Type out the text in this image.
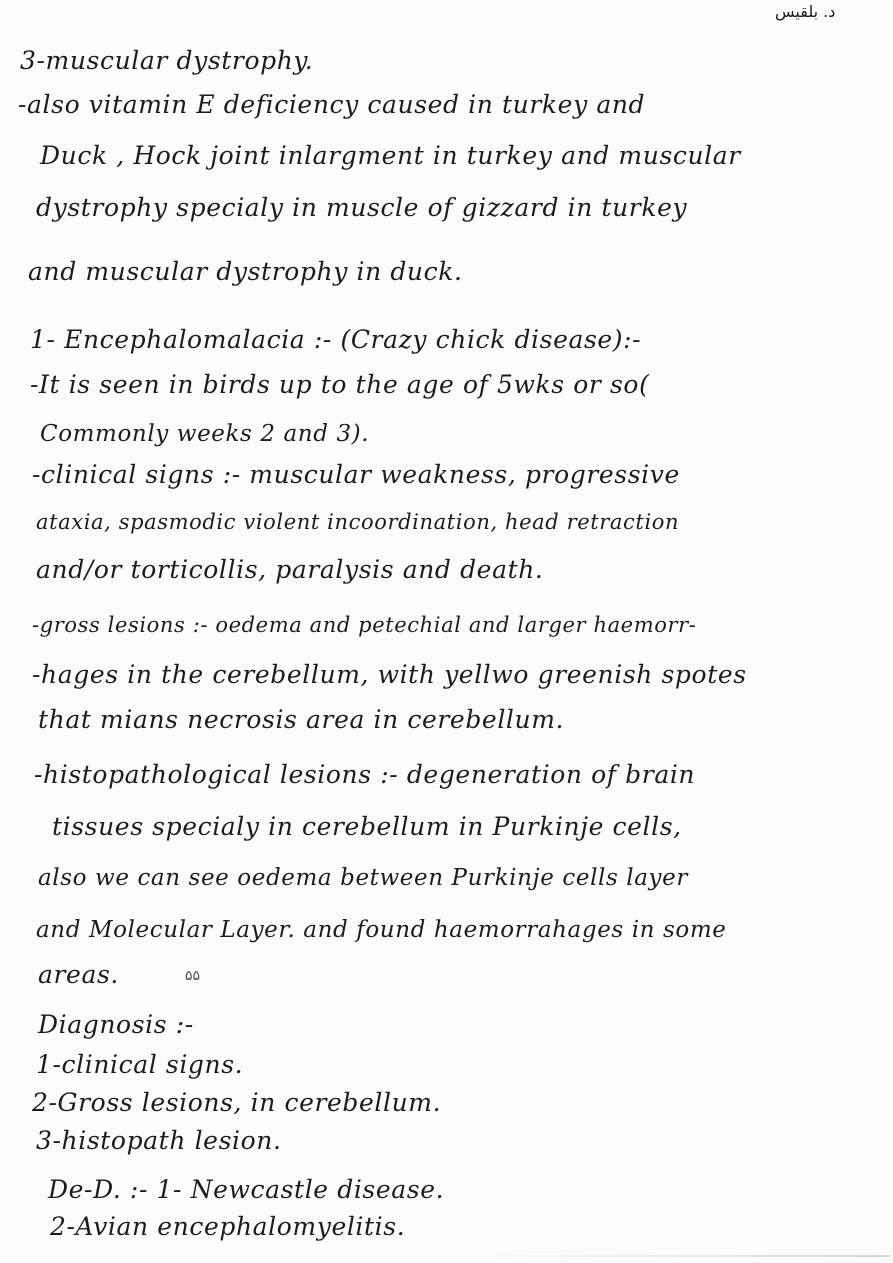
د. بلقيس
3-muscular dystrophy.
-also vitamin E deficiency caused in turkey and
Duck , Hock joint inlargment in turkey and muscular
dystrophy specialy in muscle of gizzard in turkey
and muscular dystrophy in duck.
1- Encephalomalacia :- (Crazy chick disease):-
-It is seen in birds up to the age of 5wks or so(
Commonly weeks 2 and 3).
-clinical signs :- muscular weakness, progressive
ataxia, spasmodic violent incoordination, head retraction
and/or torticollis, paralysis and death.
-gross lesions :- oedema and petechial and larger haemorr-
-hages in the cerebellum, with yellwo greenish spotes
that mians necrosis area in cerebellum.
-histopathological lesions :- degeneration of brain
tissues specialy in cerebellum in Purkinje cells,
also we can see oedema between Purkinje cells layer
and Molecular Layer. and found haemorrahages in some
areas.	۵۵
Diagnosis :-
1-clinical signs.
2-Gross lesions, in cerebellum.
3-histopath lesion.
De-D. :- 1- Newcastle disease.
2-Avian encephalomyelitis.
